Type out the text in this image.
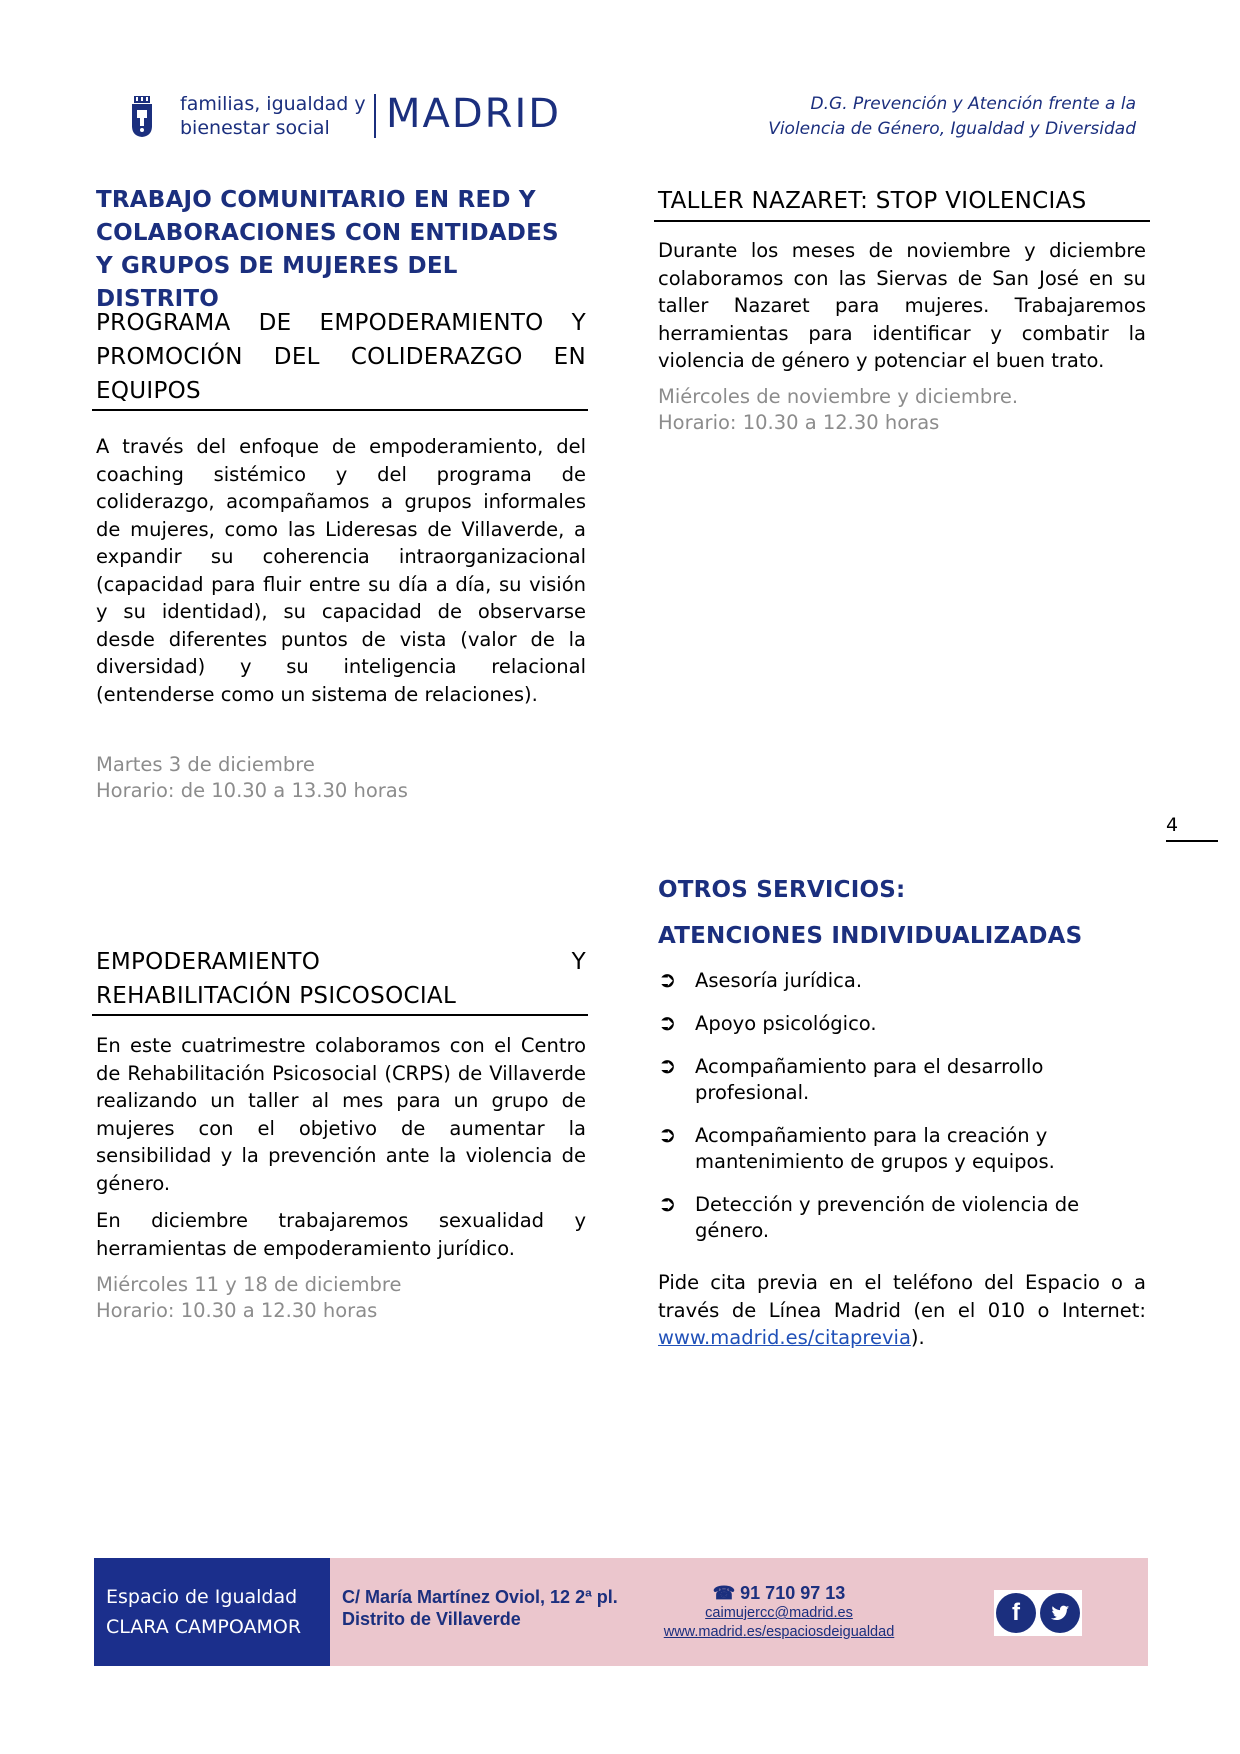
familias, igualdad y
bienestar social	MADRID	D.G. Prevención y Atención frente a la
Violencia de Género, Igualdad y Diversidad
TRABAJO COMUNITARIO EN RED Y
COLABORACIONES CON ENTIDADES
Y GRUPOS DE MUJERES DEL DISTRITO
PROGRAMA DE EMPODERAMIENTO Y PROMOCIÓN DEL COLIDERAZGO EN EQUIPOS

A través del enfoque de empoderamiento, del coaching sistémico y del programa de coliderazgo, acompañamos a grupos informales de mujeres, como las Lideresas de Villaverde, a expandir su coherencia intraorganizacional (capacidad para fluir entre su día a día, su visión y su identidad), su capacidad de observarse desde diferentes puntos de vista (valor de la diversidad) y su inteligencia relacional (entenderse como un sistema de relaciones).

Martes 3 de diciembre
Horario: de 10.30 a 13.30 horas
EMPODERAMIENTO	Y
REHABILITACIÓN PSICOSOCIAL

En este cuatrimestre colaboramos con el Centro de Rehabilitación Psicosocial (CRPS) de Villaverde realizando un taller al mes para un grupo de mujeres con el objetivo de aumentar la sensibilidad y la prevención ante la violencia de género.

En diciembre trabajaremos sexualidad y herramientas de empoderamiento jurídico.

Miércoles 11 y 18 de diciembre
Horario: 10.30 a 12.30 horas
TALLER NAZARET: STOP VIOLENCIAS

Durante los meses de noviembre y diciembre colaboramos con las Siervas de San José en su taller Nazaret para mujeres. Trabajaremos herramientas para identificar y combatir la violencia de género y potenciar el buen trato.

Miércoles de noviembre y diciembre.
Horario: 10.30 a 12.30 horas
4
OTROS SERVICIOS:
ATENCIONES INDIVIDUALIZADAS
➲ Asesoría jurídica.
➲ Apoyo psicológico.
➲ Acompañamiento para el desarrollo profesional.
➲ Acompañamiento para la creación y mantenimiento de grupos y equipos.
➲ Detección y prevención de violencia de género.

Pide cita previa en el teléfono del Espacio o a través de Línea Madrid (en el 010 o Internet: www.madrid.es/citaprevia).

Espacio de Igualdad
CLARA CAMPOAMOR
C/ María Martínez Oviol, 12 2ª pl.
Distrito de Villaverde
☎ 91 710 97 13
caimujercc@madrid.es
www.madrid.es/espaciosdeigualdad
f
